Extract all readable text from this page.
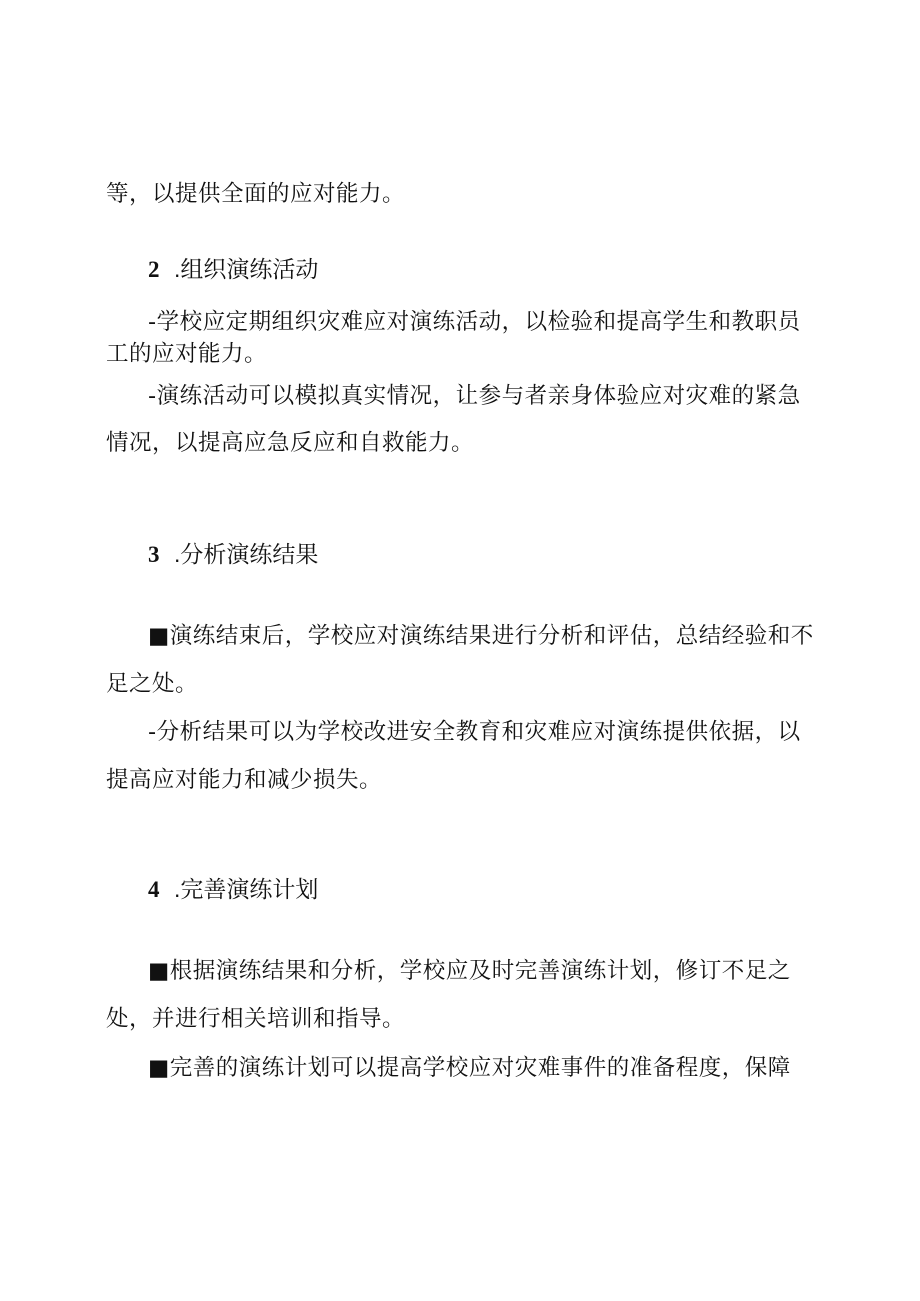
等，以提供全面的应对能力。
2 .组织演练活动
-学校应定期组织灾难应对演练活动，以检验和提高学生和教职员
工的应对能力。
-演练活动可以模拟真实情况，让参与者亲身体验应对灾难的紧急
情况，以提高应急反应和自救能力。
3 .分析演练结果
■演练结束后，学校应对演练结果进行分析和评估，总结经验和不
足之处。
-分析结果可以为学校改进安全教育和灾难应对演练提供依据，以
提高应对能力和减少损失。
4 .完善演练计划
■根据演练结果和分析，学校应及时完善演练计划，修订不足之
处，并进行相关培训和指导。
■完善的演练计划可以提高学校应对灾难事件的准备程度，保障
